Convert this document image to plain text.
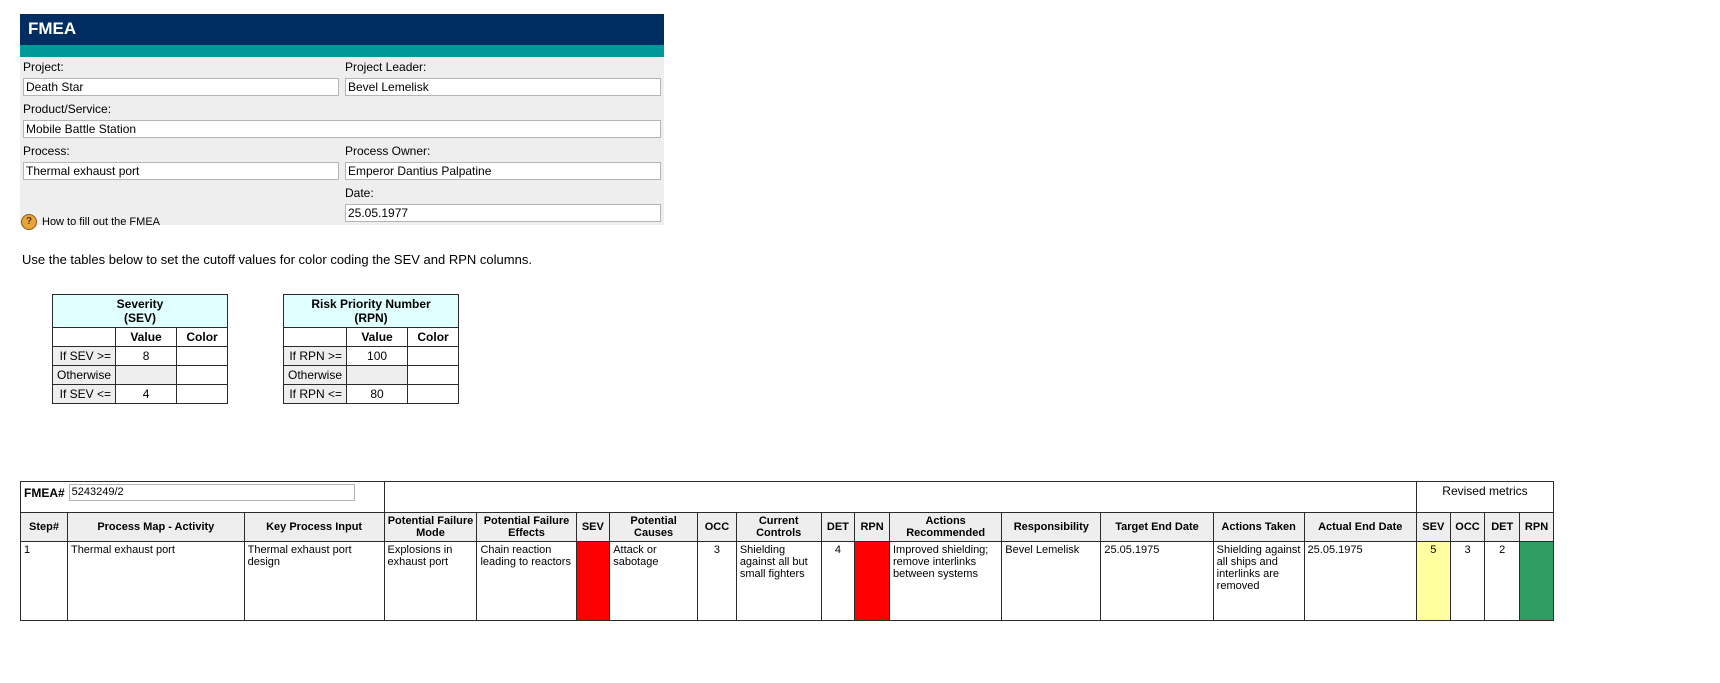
FMEA
Project:
Death Star	Project Leader:
Bevel Lemelisk
Product/Service:
Mobile Battle Station
Process:
Thermal exhaust port	Process Owner:
Emperor Dantius Palpatine
Date:
25.05.1977
? How to fill out the FMEA
Use the tables below to set the cutoff values for color coding the SEV and RPN columns.
Severity
(SEV)		
	Value	Color
If SEV >=	8	
Otherwise		
If SEV <=	4	
Risk Priority Number
(RPN)		
	Value	Color
If RPN >=	100	
Otherwise		
If RPN <=	80	
FMEA#
5243249/2																Revised metrics			
Step#	Process Map - Activity	Key Process Input	Potential Failure Mode	Potential Failure Effects	SEV	Potential Causes	OCC	Current Controls	DET	RPN	Actions Recommended	Responsibility	Target End Date	Actions Taken	Actual End Date	SEV	OCC	DET	RPN
1	Thermal exhaust port	Thermal exhaust port design	Explosions in exhaust port	Chain reaction leading to reactors	10	Attack or sabotage	3	Shielding against all but small fighters	4	120	Improved shielding; remove interlinks between systems	Bevel Lemelisk	25.05.1975	Shielding against all ships and interlinks are removed	25.05.1975	5	3	2	30
